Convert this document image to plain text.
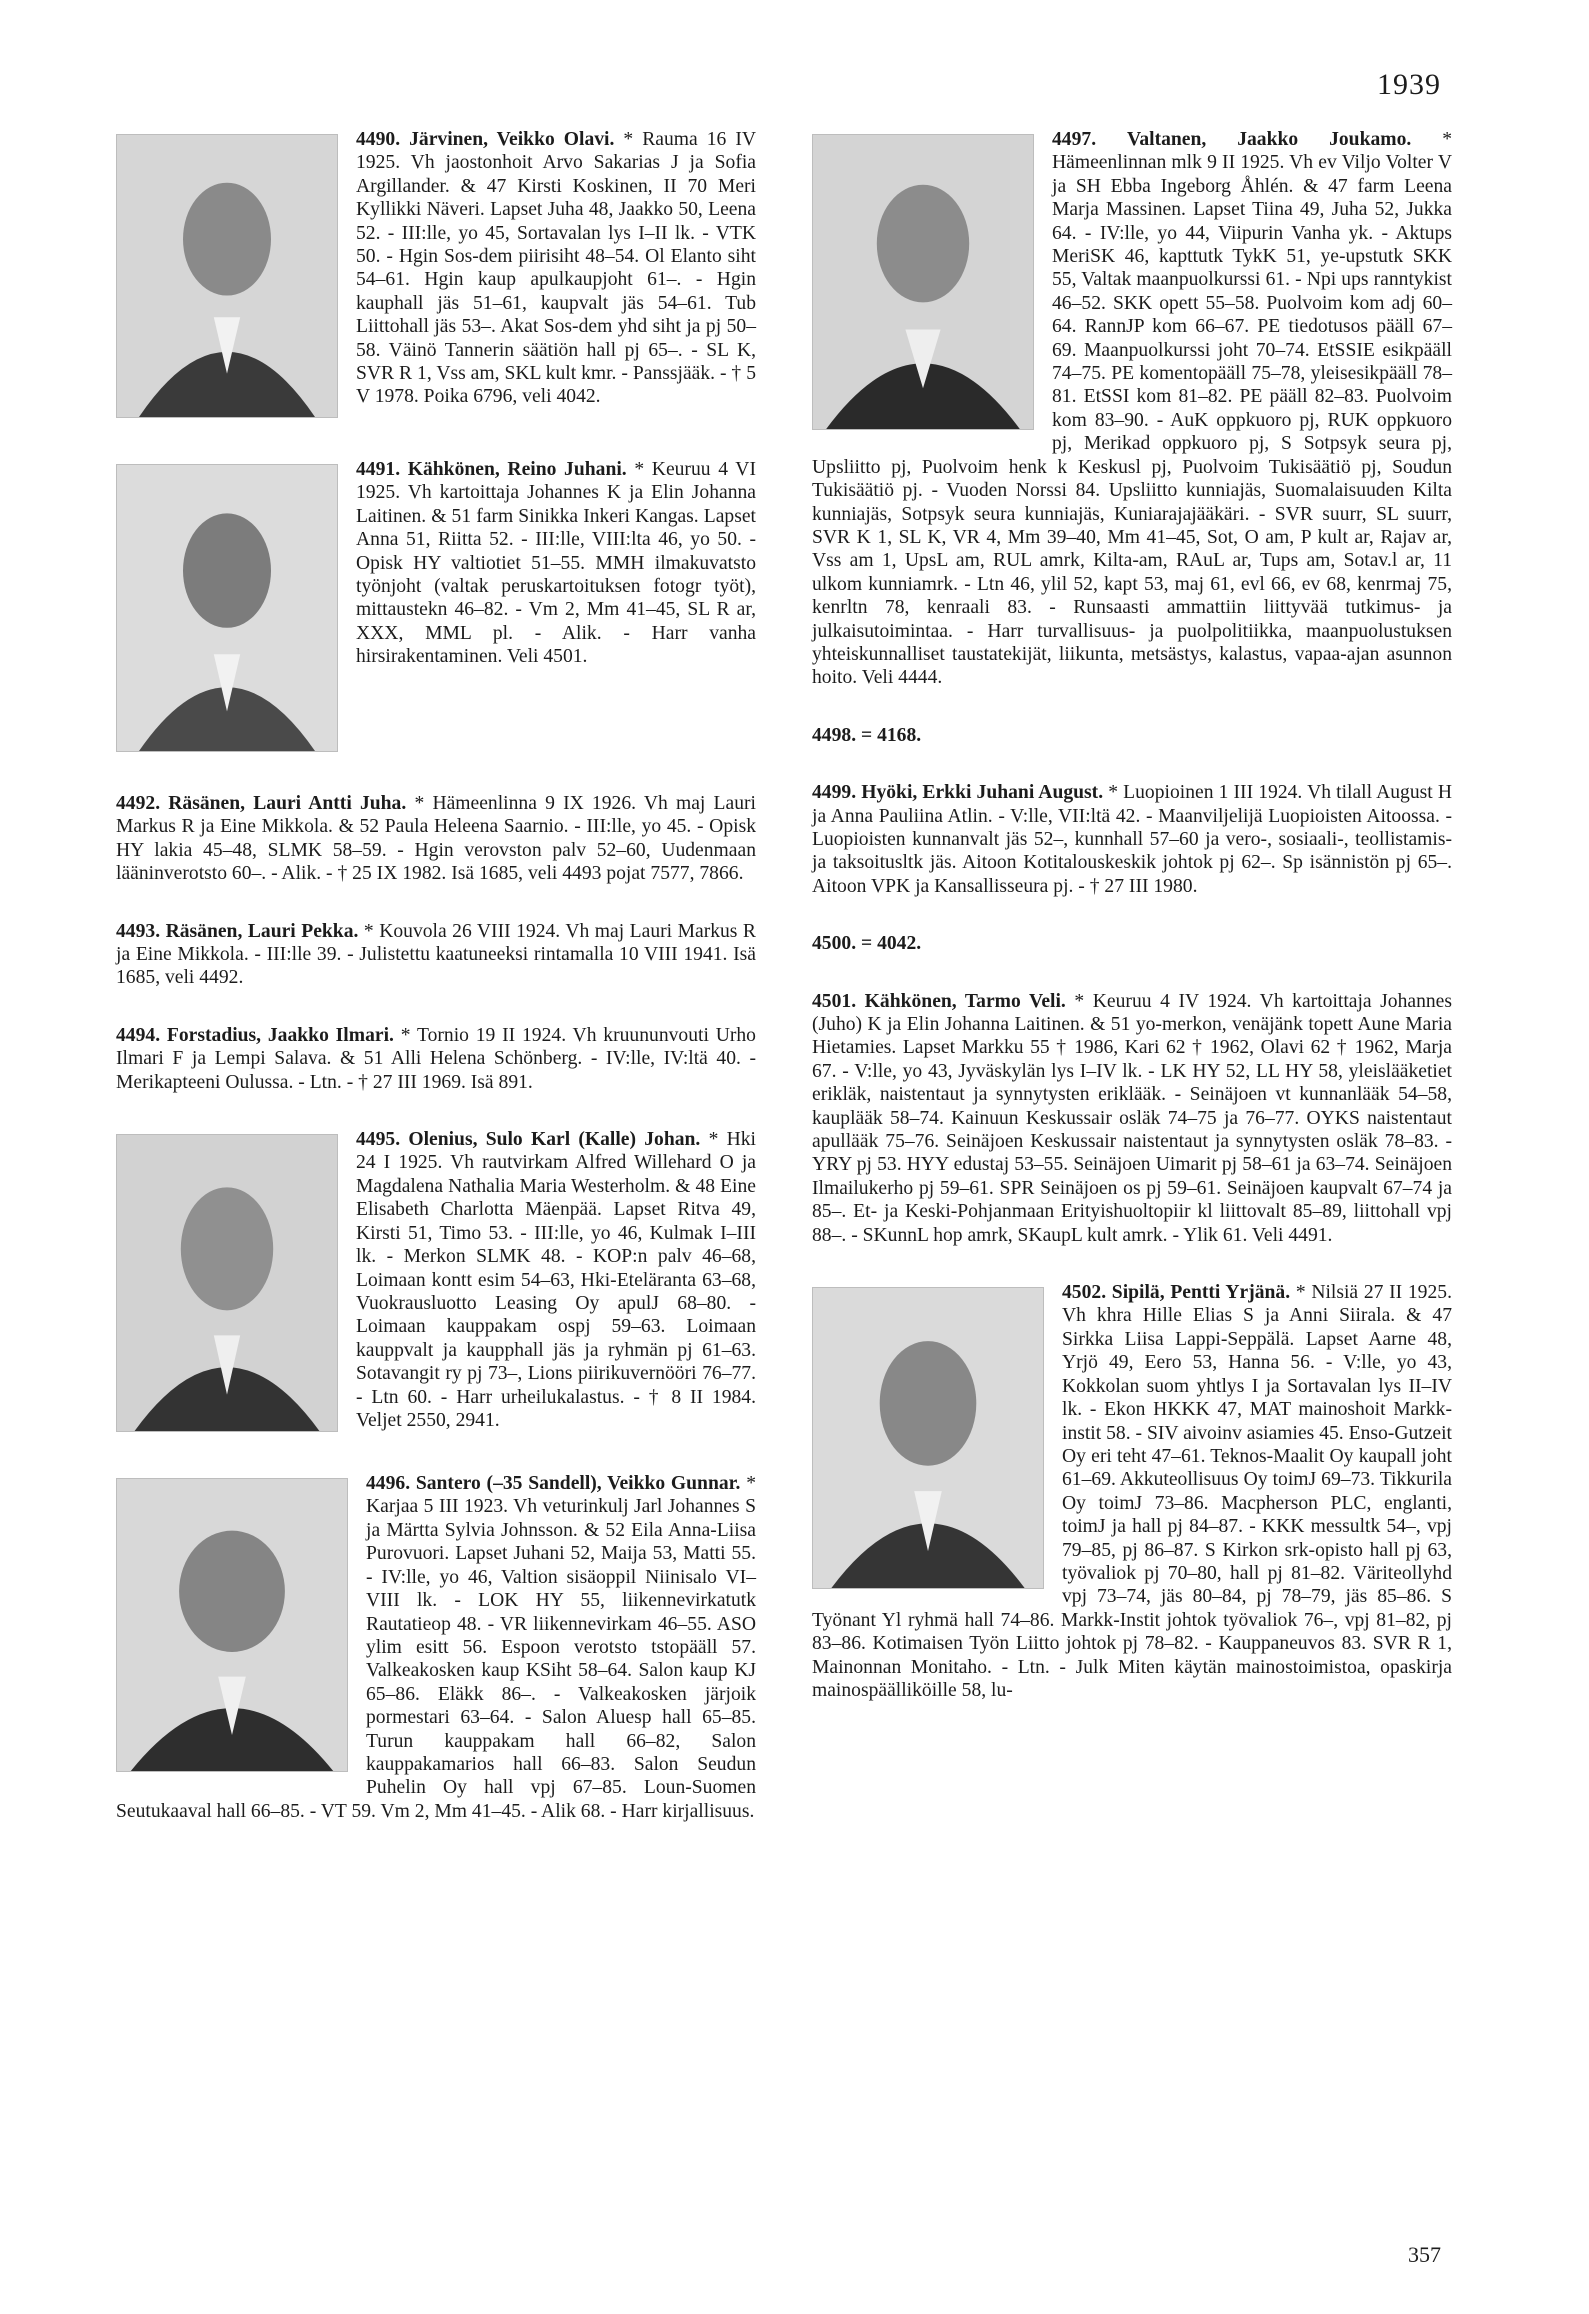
1939
4490. Järvinen, Veikko Olavi. * Rauma 16 IV 1925. Vh jaostonhoit Arvo Sakarias J ja Sofia Argillander. & 47 Kirsti Koskinen, II 70 Meri Kyllikki Näveri. Lapset Juha 48, Jaakko 50, Leena 52. - III:lle, yo 45, Sortavalan lys I–II lk. - VTK 50. - Hgin Sos-dem piirisiht 48–54. Ol Elanto siht 54–61. Hgin kaup apulkaupjoht 61–. - Hgin kauphall jäs 51–61, kaupvalt jäs 54–61. Tub Liittohall jäs 53–. Akat Sos-dem yhd siht ja pj 50–58. Väinö Tannerin säätiön hall pj 65–. - SL K, SVR R 1, Vss am, SKL kult kmr. - Panssjääk. - † 5 V 1978. Poika 6796, veli 4042.
4491. Kähkönen, Reino Juhani. * Keuruu 4 VI 1925. Vh kartoittaja Johannes K ja Elin Johanna Laitinen. & 51 farm Sinikka Inkeri Kangas. Lapset Anna 51, Riitta 52. - III:lle, VIII:lta 46, yo 50. - Opisk HY valtiotiet 51–55. MMH ilmakuvatsto työnjoht (valtak peruskartoituksen fotogr työt), mittaustekn 46–82. - Vm 2, Mm 41–45, SL R ar, XXX, MML pl. - Alik. - Harr vanha hirsirakentaminen. Veli 4501.
4492. Räsänen, Lauri Antti Juha. * Hämeenlinna 9 IX 1926. Vh maj Lauri Markus R ja Eine Mikkola. & 52 Paula Heleena Saarnio. - III:lle, yo 45. - Opisk HY lakia 45–48, SLMK 58–59. - Hgin verovston palv 52–60, Uudenmaan lääninverotsto 60–. - Alik. - † 25 IX 1982. Isä 1685, veli 4493 pojat 7577, 7866.
4493. Räsänen, Lauri Pekka. * Kouvola 26 VIII 1924. Vh maj Lauri Markus R ja Eine Mikkola. - III:lle 39. - Julistettu kaatuneeksi rintamalla 10 VIII 1941. Isä 1685, veli 4492.
4494. Forstadius, Jaakko Ilmari. * Tornio 19 II 1924. Vh kruununvouti Urho Ilmari F ja Lempi Salava. & 51 Alli Helena Schönberg. - IV:lle, IV:ltä 40. - Merikapteeni Oulussa. - Ltn. - † 27 III 1969. Isä 891.
4495. Olenius, Sulo Karl (Kalle) Johan. * Hki 24 I 1925. Vh rautvirkam Alfred Willehard O ja Magdalena Nathalia Maria Westerholm. & 48 Eine Elisabeth Charlotta Mäenpää. Lapset Ritva 49, Kirsti 51, Timo 53. - III:lle, yo 46, Kulmak I–III lk. - Merkon SLMK 48. - KOP:n palv 46–68, Loimaan kontt esim 54–63, Hki-Eteläranta 63–68, Vuokrausluotto Leasing Oy apulJ 68–80. - Loimaan kauppakam ospj 59–63. Loimaan kauppvalt ja kaupphall jäs ja ryhmän pj 61–63. Sotavangit ry pj 73–, Lions piirikuvernööri 76–77. - Ltn 60. - Harr urheilukalastus. - † 8 II 1984. Veljet 2550, 2941.
4496. Santero (–35 Sandell), Veikko Gunnar. * Karjaa 5 III 1923. Vh veturinkulj Jarl Johannes S ja Märtta Sylvia Johnsson. & 52 Eila Anna-Liisa Purovuori. Lapset Juhani 52, Maija 53, Matti 55. - IV:lle, yo 46, Valtion sisäoppil Niinisalo VI–VIII lk. - LOK HY 55, liikennevirkatutk Rautatieop 48. - VR liikennevirkam 46–55. ASO ylim esitt 56. Espoon verotsto tstopääll 57. Valkeakosken kaup KSiht 58–64. Salon kaup KJ 65–86. Eläkk 86–. - Valkeakosken järjoik pormestari 63–64. - Salon Aluesp hall 65–85. Turun kauppakam hall 66–82, Salon kauppakamarios hall 66–83. Salon Seudun Puhelin Oy hall vpj 67–85. Loun-Suomen Seutukaaval hall 66–85. - VT 59. Vm 2, Mm 41–45. - Alik 68. - Harr kirjallisuus.
4497. Valtanen, Jaakko Joukamo. * Hämeenlinnan mlk 9 II 1925. Vh ev Viljo Volter V ja SH Ebba Ingeborg Åhlén. & 47 farm Leena Marja Massinen. Lapset Tiina 49, Juha 52, Jukka 64. - IV:lle, yo 44, Viipurin Vanha yk. - Aktups MeriSK 46, kapttutk TykK 51, ye-upstutk SKK 55, Valtak maanpuolkurssi 61. - Npi ups ranntykist 46–52. SKK opett 55–58. Puolvoim kom adj 60–64. RannJP kom 66–67. PE tiedotusos pääll 67–69. Maanpuolkurssi joht 70–74. EtSSIE esikpääll 74–75. PE komentopääll 75–78, yleisesikpääll 78–81. EtSSI kom 81–82. PE pääll 82–83. Puolvoim kom 83–90. - AuK oppkuoro pj, RUK oppkuoro pj, Merikad oppkuoro pj, S Sotpsyk seura pj, Upsliitto pj, Puolvoim henk k Keskusl pj, Puolvoim Tukisäätiö pj, Soudun Tukisäätiö pj. - Vuoden Norssi 84. Upsliitto kunniajäs, Suomalaisuuden Kilta kunniajäs, Sotpsyk seura kunniajäs, Kuniarajajääkäri. - SVR suurr, SL suurr, SVR K 1, SL K, VR 4, Mm 39–40, Mm 41–45, Sot, O am, P kult ar, Rajav ar, Vss am 1, UpsL am, RUL amrk, Kilta-am, RAuL ar, Tups am, Sotav.l ar, 11 ulkom kunniamrk. - Ltn 46, ylil 52, kapt 53, maj 61, evl 66, ev 68, kenrmaj 75, kenrltn 78, kenraali 83. - Runsaasti ammattiin liittyvää tutkimus- ja julkaisutoimintaa. - Harr turvallisuus- ja puolpolitiikka, maanpuolustuksen yhteiskunnalliset taustatekijät, liikunta, metsästys, kalastus, vapaa-ajan asunnon hoito. Veli 4444.
4498. = 4168.
4499. Hyöki, Erkki Juhani August. * Luopioinen 1 III 1924. Vh tilall August H ja Anna Pauliina Atlin. - V:lle, VII:ltä 42. - Maanviljelijä Luopioisten Aitoossa. - Luopioisten kunnanvalt jäs 52–, kunnhall 57–60 ja vero-, sosiaali-, teollistamis- ja taksoitusltk jäs. Aitoon Kotitalouskeskik johtok pj 62–. Sp isännistön pj 65–. Aitoon VPK ja Kansallisseura pj. - † 27 III 1980.
4500. = 4042.
4501. Kähkönen, Tarmo Veli. * Keuruu 4 IV 1924. Vh kartoittaja Johannes (Juho) K ja Elin Johanna Laitinen. & 51 yo-merkon, venäjänk topett Aune Maria Hietamies. Lapset Markku 55 † 1986, Kari 62 † 1962, Olavi 62 † 1962, Marja 67. - V:lle, yo 43, Jyväskylän lys I–IV lk. - LK HY 52, LL HY 58, yleislääketiet erikläk, naistentaut ja synnytysten eriklääk. - Seinäjoen vt kunnanlääk 54–58, kauplääk 58–74. Kainuun Keskussair osläk 74–75 ja 76–77. OYKS naistentaut apullääk 75–76. Seinäjoen Keskussair naistentaut ja synnytysten osläk 78–83. - YRY pj 53. HYY edustaj 53–55. Seinäjoen Uimarit pj 58–61 ja 63–74. Seinäjoen Ilmailukerho pj 59–61. SPR Seinäjoen os pj 59–61. Seinäjoen kaupvalt 67–74 ja 85–. Et- ja Keski-Pohjanmaan Erityishuoltopiir kl liittovalt 85–89, liittohall vpj 88–. - SKunnL hop amrk, SKaupL kult amrk. - Ylik 61. Veli 4491.
4502. Sipilä, Pentti Yrjänä. * Nilsiä 27 II 1925. Vh khra Hille Elias S ja Anni Siirala. & 47 Sirkka Liisa Lappi-Seppälä. Lapset Aarne 48, Yrjö 49, Eero 53, Hanna 56. - V:lle, yo 43, Kokkolan suom yhtlys I ja Sortavalan lys II–IV lk. - Ekon HKKK 47, MAT mainoshoit Markk-instit 58. - SIV aivoinv asiamies 45. Enso-Gutzeit Oy eri teht 47–61. Teknos-Maalit Oy kaupall joht 61–69. Akkuteollisuus Oy toimJ 69–73. Tikkurila Oy toimJ 73–86. Macpherson PLC, englanti, toimJ ja hall pj 84–87. - KKK messultk 54–, vpj 79–85, pj 86–87. S Kirkon srk-opisto hall pj 63, työvaliok pj 70–80, hall pj 81–82. Väriteollyhd vpj 73–74, jäs 80–84, pj 78–79, jäs 85–86. S Työnant Yl ryhmä hall 74–86. Markk-Instit johtok työvaliok 76–, vpj 81–82, pj 83–86. Kotimaisen Työn Liitto johtok pj 78–82. - Kauppaneuvos 83. SVR R 1, Mainonnan Monitaho. - Ltn. - Julk Miten käytän mainostoimistoa, opaskirja mainospäälliköille 58, lu-
357
